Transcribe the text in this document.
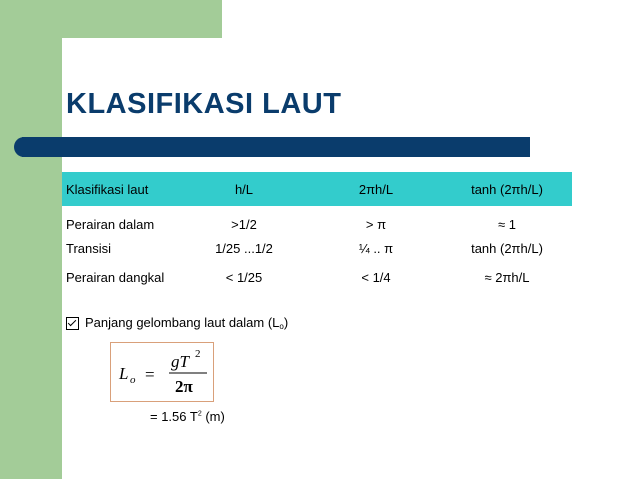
KLASIFIKASI LAUT
Klasifikasi laut	h/L	2πh/L	tanh (2πh/L)

Perairan dalam	>1/2	> π	≈ 1
Transisi	1/25 ...1/2	¼ .. π	tanh (2πh/L)
Perairan dangkal	< 1/25	< 1/4	≈ 2πh/L
Panjang gelombang laut dalam $(L_o)$
L o =
gT 2
2π
= 1.56 $T^2$ (m)
